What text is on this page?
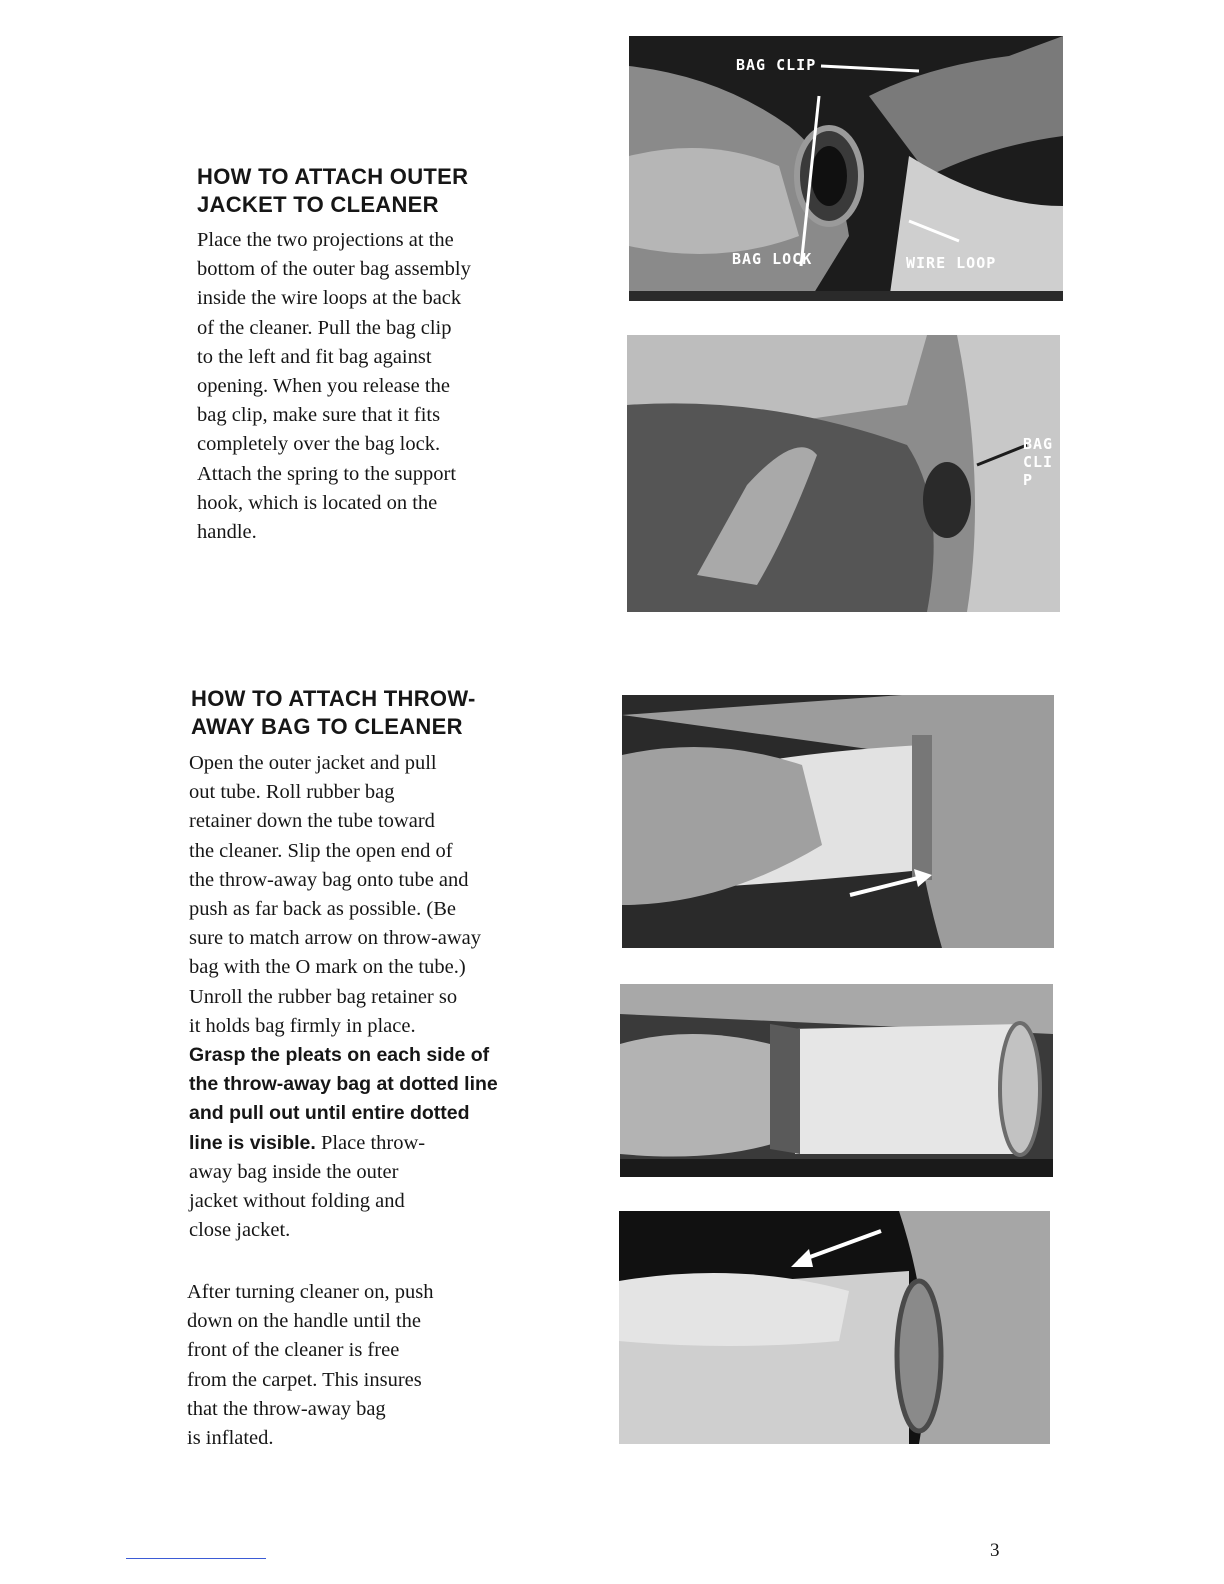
HOW TO ATTACH OUTER
JACKET TO CLEANER

Place the two projections at the
bottom of the outer bag assembly
inside the wire loops at the back
of the cleaner. Pull the bag clip
to the left and fit bag against
opening. When you release the
bag clip, make sure that it fits
completely over the bag lock.
Attach the spring to the support
hook, which is located on the
handle.

HOW TO ATTACH THROW-
AWAY BAG TO CLEANER

Open the outer jacket and pull
out tube. Roll rubber bag
retainer down the tube toward
the cleaner. Slip the open end of
the throw-away bag onto tube and
push as far back as possible. (Be
sure to match arrow on throw-away
bag with the O mark on the tube.)
Unroll the rubber bag retainer so
it holds bag firmly in place.
Grasp the pleats on each side of
the throw-away bag at dotted line
and pull out until entire dotted
line is visible. Place throw-
away bag inside the outer
jacket without folding and
close jacket.

After turning cleaner on, push
down on the handle until the
front of the cleaner is free
from the carpet. This insures
that the throw-away bag
is inflated.

BAG CLIP
BAG LOCK	WIRE LOOP
BAG CLIP
3
